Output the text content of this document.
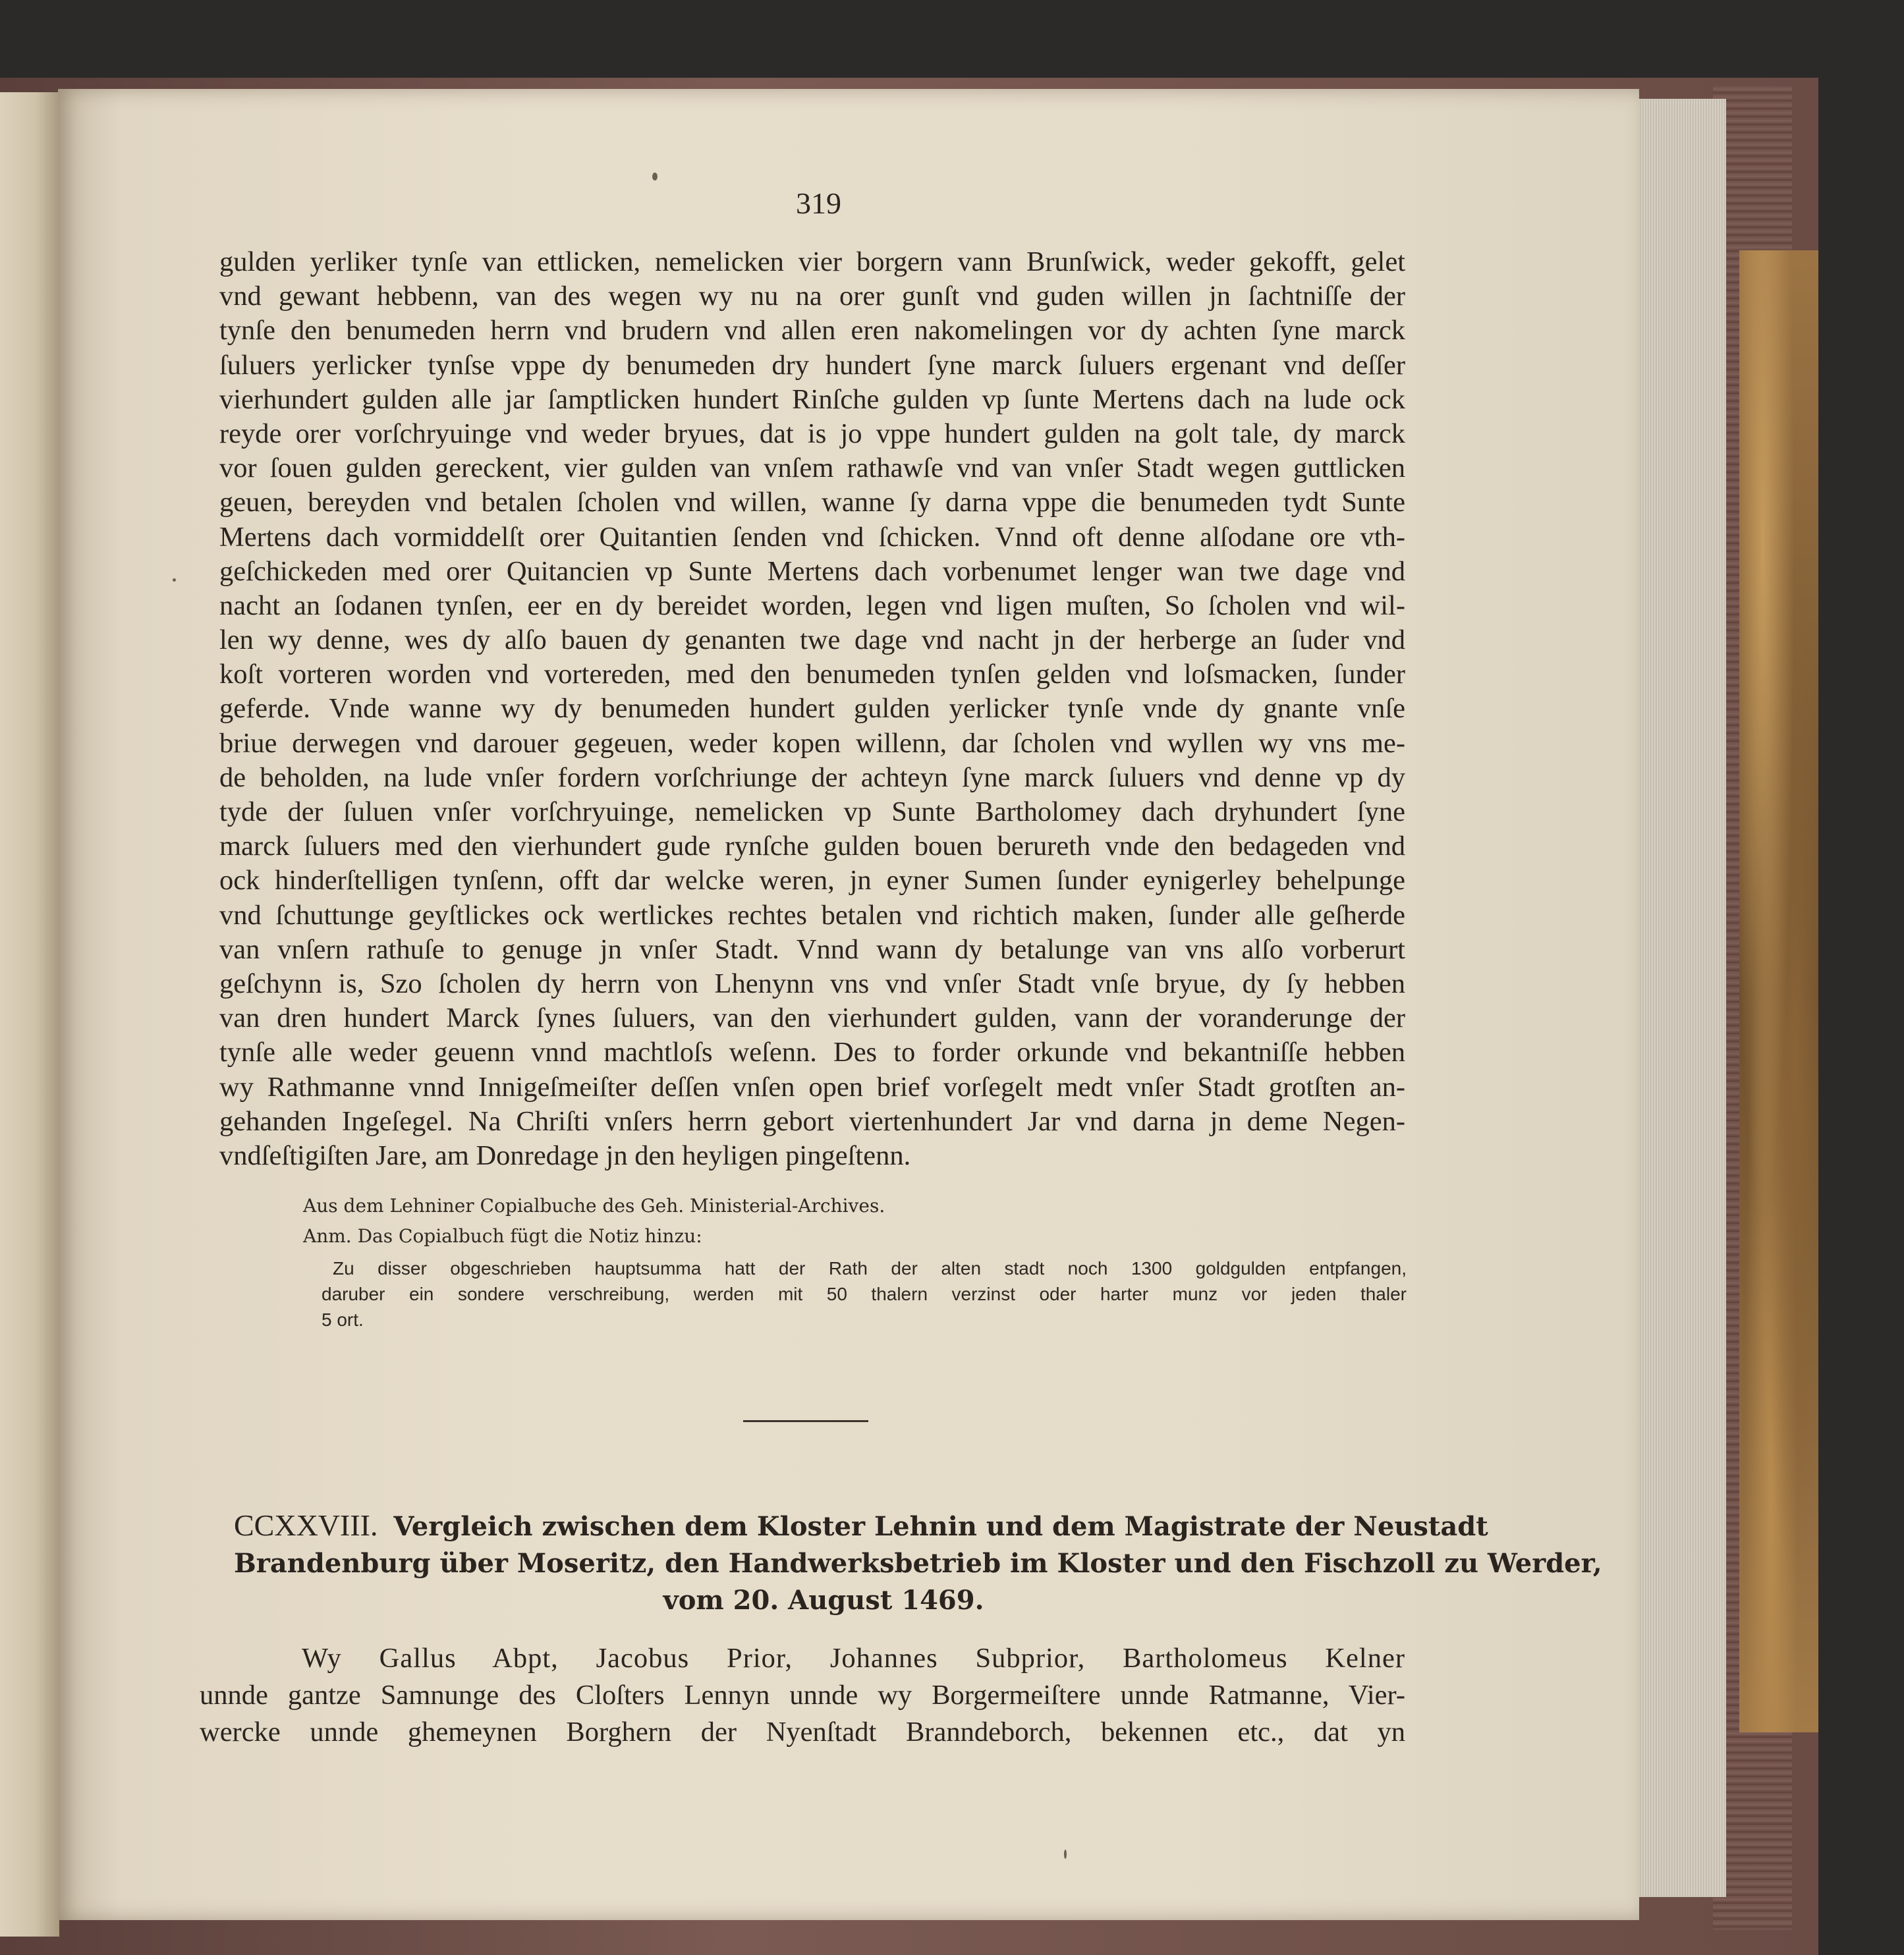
319
gulden yerliker tynſe van ettlicken, nemelicken vier borgern vann Brunſwick, weder gekofft, gelet
vnd gewant hebbenn, van des wegen wy nu na orer gunſt vnd guden willen jn ſachtniſſe der
tynſe den benumeden herrn vnd brudern vnd allen eren nakomelingen vor dy achten ſyne marck
ſuluers yerlicker tynſse vppe dy benumeden dry hundert ſyne marck ſuluers ergenant vnd deſſer
vierhundert gulden alle jar ſamptlicken hundert Rinſche gulden vp ſunte Mertens dach na lude ock
reyde orer vorſchryuinge vnd weder bryues, dat is jo vppe hundert gulden na golt tale, dy marck
vor ſouen gulden gereckent, vier gulden van vnſem rathawſe vnd van vnſer Stadt wegen guttlicken
geuen, bereyden vnd betalen ſcholen vnd willen, wanne ſy darna vppe die benumeden tydt Sunte
Mertens dach vormiddelſt orer Quitantien ſenden vnd ſchicken. Vnnd oft denne alſodane ore vth-
geſchickeden med orer Quitancien vp Sunte Mertens dach vorbenumet lenger wan twe dage vnd
nacht an ſodanen tynſen, eer en dy bereidet worden, legen vnd ligen muſten, So ſcholen vnd wil-
len wy denne, wes dy alſo bauen dy genanten twe dage vnd nacht jn der herberge an ſuder vnd
koſt vorteren worden vnd vortereden, med den benumeden tynſen gelden vnd loſsmacken, ſunder
geferde. Vnde wanne wy dy benumeden hundert gulden yerlicker tynſe vnde dy gnante vnſe
briue derwegen vnd darouer gegeuen, weder kopen willenn, dar ſcholen vnd wyllen wy vns me-
de beholden, na lude vnſer fordern vorſchriunge der achteyn ſyne marck ſuluers vnd denne vp dy
tyde der ſuluen vnſer vorſchryuinge, nemelicken vp Sunte Bartholomey dach dryhundert ſyne
marck ſuluers med den vierhundert gude rynſche gulden bouen berureth vnde den bedageden vnd
ock hinderſtelligen tynſenn, offt dar welcke weren, jn eyner Sumen ſunder eynigerley behelpunge
vnd ſchuttunge geyſtlickes ock wertlickes rechtes betalen vnd richtich maken, ſunder alle geſherde
van vnſern rathuſe to genuge jn vnſer Stadt. Vnnd wann dy betalunge van vns alſo vorberurt
geſchynn is, Szo ſcholen dy herrn von Lhenynn vns vnd vnſer Stadt vnſe bryue, dy ſy hebben
van dren hundert Marck ſynes ſuluers, van den vierhundert gulden, vann der voranderunge der
tynſe alle weder geuenn vnnd machtloſs weſenn. Des to forder orkunde vnd bekantniſſe hebben
wy Rathmanne vnnd Innigeſmeiſter deſſen vnſen open brief vorſegelt medt vnſer Stadt grotſten an-
gehanden Ingeſegel. Na Chriſti vnſers herrn gebort viertenhundert Jar vnd darna jn deme Negen-
vndſeſtigiſten Jare, am Donredage jn den heyligen pingeſtenn.
Aus dem Lehniner Copialbuche des Geh. Ministerial-Archives.
Anm. Das Copialbuch fügt die Notiz hinzu:
Zu disser obgeschrieben hauptsumma hatt der Rath der alten stadt noch 1300 goldgulden entpfangen,
daruber ein sondere verschreibung, werden mit 50 thalern verzinst oder harter munz vor jeden thaler
5 ort.
CCXXVIII. Vergleich zwischen dem Kloster Lehnin und dem Magistrate der Neustadt
Brandenburg über Moseritz, den Handwerksbetrieb im Kloster und den Fischzoll zu Werder,
vom 20. August 1469.
Wy Gallus Abpt, Jacobus Prior, Johannes Subprior, Bartholomeus Kelner
unnde gantze Samnunge des Cloſters Lennyn unnde wy Borgermeiſtere unnde Ratmanne, Vier-
wercke unnde ghemeynen Borghern der Nyenſtadt Branndeborch, bekennen etc., dat yn
